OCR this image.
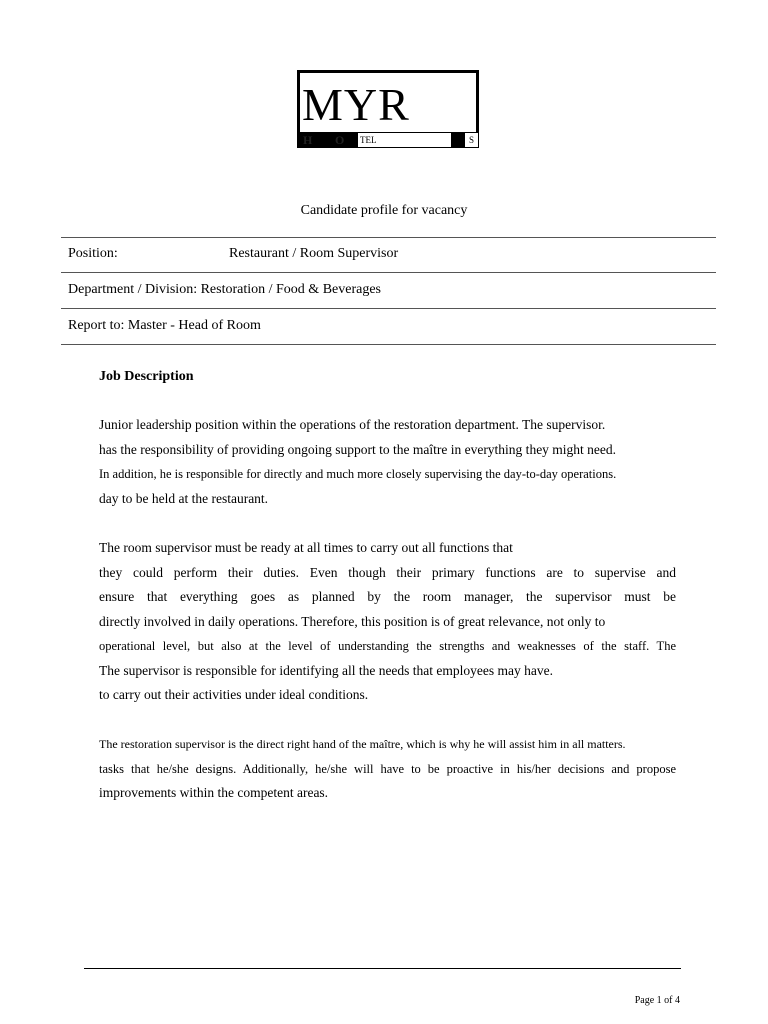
MYR
H O	TEL	S
Candidate profile for vacancy
Position:	Restaurant / Room Supervisor
Department / Division: Restoration / Food & Beverages
Report to: Master - Head of Room
Job Description
Junior leadership position within the operations of the restoration department. The supervisor.
has the responsibility of providing ongoing support to the maître in everything they might need.
In addition, he is responsible for directly and much more closely supervising the day-to-day operations.
day to be held at the restaurant.
The room supervisor must be ready at all times to carry out all functions that
they could perform their duties. Even though their primary functions are to supervise and
ensure that everything goes as planned by the room manager, the supervisor must be
directly involved in daily operations. Therefore, this position is of great relevance, not only to
operational level, but also at the level of understanding the strengths and weaknesses of the staff. The
The supervisor is responsible for identifying all the needs that employees may have.
to carry out their activities under ideal conditions.
The restoration supervisor is the direct right hand of the maître, which is why he will assist him in all matters.
tasks that he/she designs. Additionally, he/she will have to be proactive in his/her decisions and propose
improvements within the competent areas.
Page 1 of 4
